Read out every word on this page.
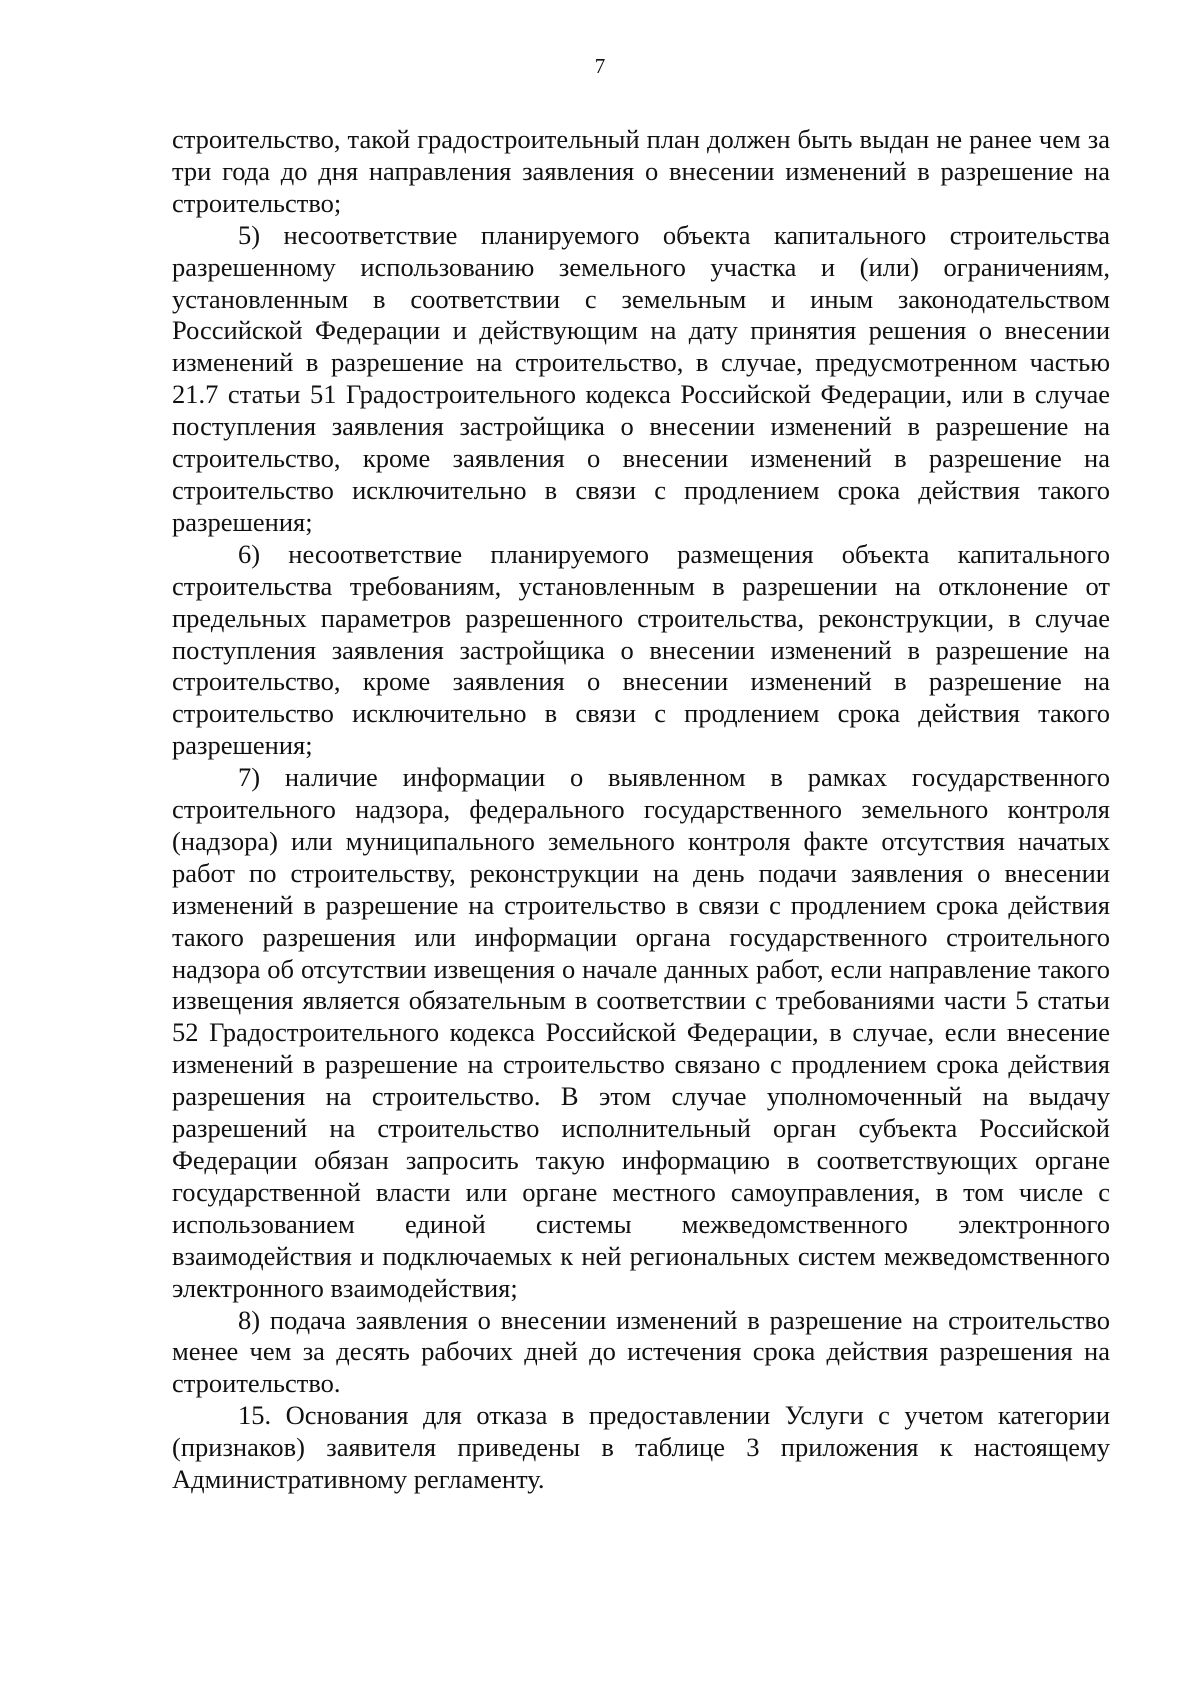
7

строительство, такой градостроительный план должен быть выдан не ранее чем за три года до дня направления заявления о внесении изменений в разрешение на строительство;

5) несоответствие планируемого объекта капитального строительства разрешенному использованию земельного участка и (или) ограничениям, установленным в соответствии с земельным и иным законодательством Российской Федерации и действующим на дату принятия решения о внесении изменений в разрешение на строительство, в случае, предусмотренном частью 21.7 статьи 51 Градостроительного кодекса Российской Федерации, или в случае поступления заявления застройщика о внесении изменений в разрешение на строительство, кроме заявления о внесении изменений в разрешение на строительство исключительно в связи с продлением срока действия такого разрешения;

6) несоответствие планируемого размещения объекта капитального строительства требованиям, установленным в разрешении на отклонение от предельных параметров разрешенного строительства, реконструкции, в случае поступления заявления застройщика о внесении изменений в разрешение на строительство, кроме заявления о внесении изменений в разрешение на строительство исключительно в связи с продлением срока действия такого разрешения;

7) наличие информации о выявленном в рамках государственного строительного надзора, федерального государственного земельного контроля (надзора) или муниципального земельного контроля факте отсутствия начатых работ по строительству, реконструкции на день подачи заявления о внесении изменений в разрешение на строительство в связи с продлением срока действия такого разрешения или информации органа государственного строительного надзора об отсутствии извещения о начале данных работ, если направление такого извещения является обязательным в соответствии с требованиями части 5 статьи 52 Градостроительного кодекса Российской Федерации, в случае, если внесение изменений в разрешение на строительство связано с продлением срока действия разрешения на строительство. В этом случае уполномоченный на выдачу разрешений на строительство исполнительный орган субъекта Российской Федерации обязан запросить такую информацию в соответствующих органе государственной власти или органе местного самоуправления, в том числе с использованием единой системы межведомственного электронного взаимодействия и подключаемых к ней региональных систем межведомственного электронного взаимодействия;

8) подача заявления о внесении изменений в разрешение на строительство менее чем за десять рабочих дней до истечения срока действия разрешения на строительство.

15. Основания для отказа в предоставлении Услуги с учетом категории (признаков) заявителя приведены в таблице 3 приложения к настоящему Административному регламенту.
